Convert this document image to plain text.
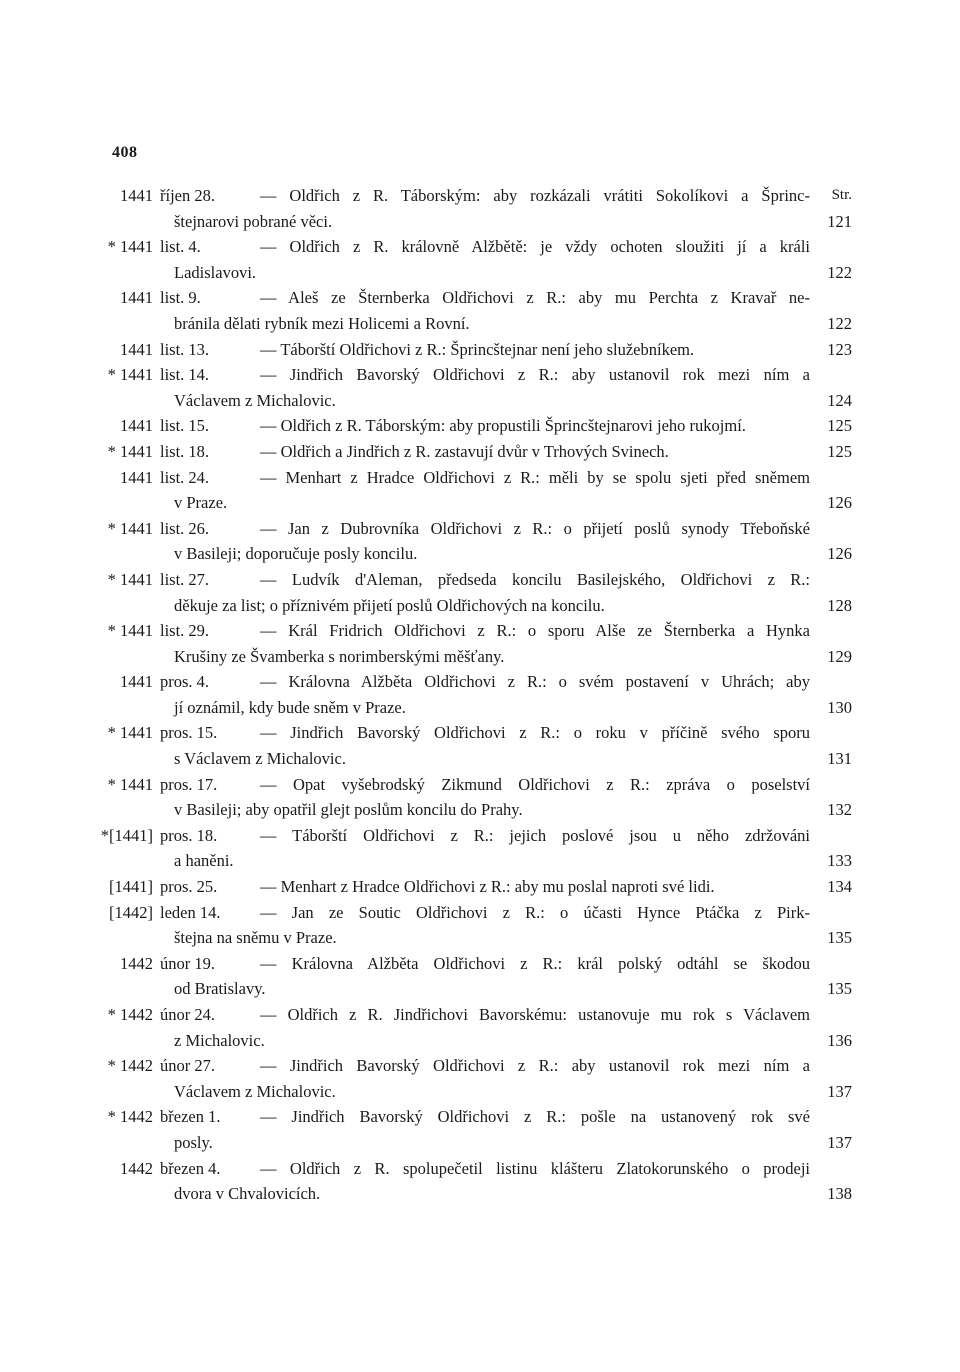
408
Str.
1441 říjen 28.	— Oldřich z R. Táborským: aby rozkázali vrátiti Sokolíkovi a Šprinc-
štejnarovi pobrané věci.	121
* 1441 list. 4.	— Oldřich z R. královně Alžbětě: je vždy ochoten sloužiti jí a králi
Ladislavovi.	122
1441 list. 9.	— Aleš ze Šternberka Oldřichovi z R.: aby mu Perchta z Kravař ne-
bránila dělati rybník mezi Holicemi a Rovní.	122
1441 list. 13.	— Táborští Oldřichovi z R.: Šprincštejnar není jeho služebníkem.	123
* 1441 list. 14.	— Jindřich Bavorský Oldřichovi z R.: aby ustanovil rok mezi ním a
Václavem z Michalovic.	124
1441 list. 15.	— Oldřich z R. Táborským: aby propustili Šprincštejnarovi jeho rukojmí.	125
* 1441 list. 18.	— Oldřich a Jindřich z R. zastavují dvůr v Trhových Svinech.	125
1441 list. 24.	— Menhart z Hradce Oldřichovi z R.: měli by se spolu sjeti před sněmem
v Praze.	126
* 1441 list. 26.	— Jan z Dubrovníka Oldřichovi z R.: o přijetí poslů synody Třeboňské
v Basileji; doporučuje posly koncilu.	126
* 1441 list. 27.	— Ludvík d'Aleman, předseda koncilu Basilejského, Oldřichovi z R.:
děkuje za list; o příznivém přijetí poslů Oldřichových na koncilu.	128
* 1441 list. 29.	— Král Fridrich Oldřichovi z R.: o sporu Alše ze Šternberka a Hynka
Krušiny ze Švamberka s norimberskými měšťany.	129
1441 pros. 4.	— Královna Alžběta Oldřichovi z R.: o svém postavení v Uhrách; aby
jí oznámil, kdy bude sněm v Praze.	130
* 1441 pros. 15.	— Jindřich Bavorský Oldřichovi z R.: o roku v příčině svého sporu
s Václavem z Michalovic.	131
* 1441 pros. 17.	— Opat vyšebrodský Zikmund Oldřichovi z R.: zpráva o poselství
v Basileji; aby opatřil glejt poslům koncilu do Prahy.	132
*[1441] pros. 18.	— Táborští Oldřichovi z R.: jejich poslové jsou u něho zdržováni
a haněni.	133
[1441] pros. 25.	— Menhart z Hradce Oldřichovi z R.: aby mu poslal naproti své lidi.	134
[1442] leden 14. — Jan ze Soutic Oldřichovi z R.: o účasti Hynce Ptáčka z Pirk-
štejna na sněmu v Praze.	135
1442 únor 19.	— Královna Alžběta Oldřichovi z R.: král polský odtáhl se škodou
od Bratislavy.	135
* 1442 únor 24.	— Oldřich z R. Jindřichovi Bavorskému: ustanovuje mu rok s Václavem
z Michalovic.	136
* 1442 únor 27.	— Jindřich Bavorský Oldřichovi z R.: aby ustanovil rok mezi ním a
Václavem z Michalovic.	137
* 1442 březen 1. — Jindřich Bavorský Oldřichovi z R.: pošle na ustanovený rok své
posly.	137
1442 březen 4. — Oldřich z R. spolupečetil listinu klášteru Zlatokorunského o prodeji
dvora v Chvalovicích.	138
